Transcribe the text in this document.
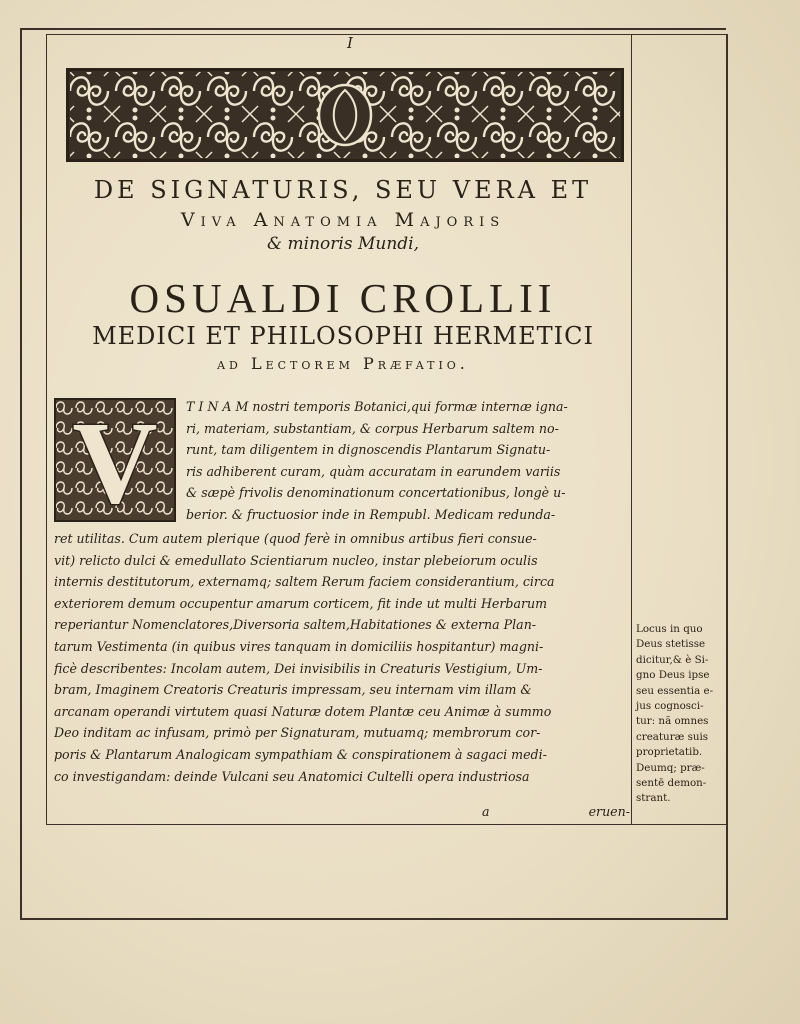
I
DE SIGNATURIS, SEU VERA ET
Viva Anatomia Majoris
& minoris Mundi,
OSUALDI CROLLII
MEDICI ET PHILOSOPHI HERMETICI
ad Lectorem Præfatio.
V T I N A M nostri temporis Botanici,qui formæ internæ igna-
ri, materiam, substantiam, & corpus Herbarum saltem no-
runt, tam diligentem in dignoscendis Plantarum Signatu-
ris adhiberent curam, quàm accuratam in earundem variis
& sæpè frivolis denominationum concertationibus, longè u-
berior. & fructuosior inde in Rempubl. Medicam redunda-
ret utilitas. Cum autem plerique (quod ferè in omnibus artibus fieri consue-
vit) relicto dulci & emedullato Scientiarum nucleo, instar plebeiorum oculis
internis destitutorum, externamq; saltem Rerum faciem considerantium, circa
exteriorem demum occupentur amarum corticem, fit inde ut multi Herbarum
reperiantur Nomenclatores,Diversoria saltem,Habitationes & externa Plan-
tarum Vestimenta (in quibus vires tanquam in domiciliis hospitantur) magni-
ficè describentes: Incolam autem, Dei invisibilis in Creaturis Vestigium, Um-
bram, Imaginem Creatoris Creaturis impressam, seu internam vim illam &
arcanam operandi virtutem quasi Naturæ dotem Plantæ ceu Animæ à summo
Deo inditam ac infusam, primò per Signaturam, mutuamq; membrorum cor-
poris & Plantarum Analogicam sympathiam & conspirationem à sagaci medi-
co investigandam: deinde Vulcani seu Anatomici Cultelli opera industriosa
a	eruen-
Locus in quo
Deus stetisse
dicitur,& è Si-
gno Deus ipse
seu essentia e-
jus cognosci-
tur: nã omnes
creaturæ suis
proprietatib.
Deumq; præ-
sentē demon-
strant.
